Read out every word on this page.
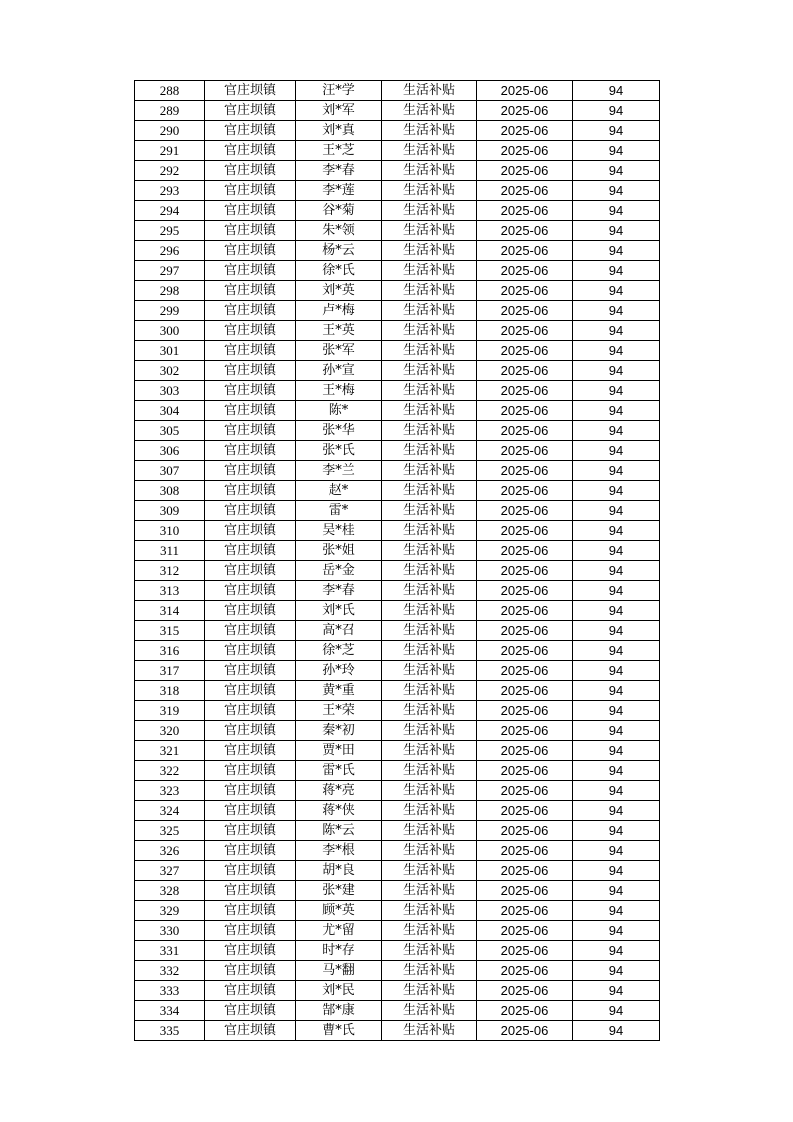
288	官庄坝镇	汪*学	生活补贴	2025-06	94
289	官庄坝镇	刘*军	生活补贴	2025-06	94
290	官庄坝镇	刘*真	生活补贴	2025-06	94
291	官庄坝镇	王*芝	生活补贴	2025-06	94
292	官庄坝镇	李*春	生活补贴	2025-06	94
293	官庄坝镇	李*莲	生活补贴	2025-06	94
294	官庄坝镇	谷*菊	生活补贴	2025-06	94
295	官庄坝镇	朱*领	生活补贴	2025-06	94
296	官庄坝镇	杨*云	生活补贴	2025-06	94
297	官庄坝镇	徐*氏	生活补贴	2025-06	94
298	官庄坝镇	刘*英	生活补贴	2025-06	94
299	官庄坝镇	卢*梅	生活补贴	2025-06	94
300	官庄坝镇	王*英	生活补贴	2025-06	94
301	官庄坝镇	张*军	生活补贴	2025-06	94
302	官庄坝镇	孙*宣	生活补贴	2025-06	94
303	官庄坝镇	王*梅	生活补贴	2025-06	94
304	官庄坝镇	陈*	生活补贴	2025-06	94
305	官庄坝镇	张*华	生活补贴	2025-06	94
306	官庄坝镇	张*氏	生活补贴	2025-06	94
307	官庄坝镇	李*兰	生活补贴	2025-06	94
308	官庄坝镇	赵*	生活补贴	2025-06	94
309	官庄坝镇	雷*	生活补贴	2025-06	94
310	官庄坝镇	吴*桂	生活补贴	2025-06	94
311	官庄坝镇	张*姐	生活补贴	2025-06	94
312	官庄坝镇	岳*金	生活补贴	2025-06	94
313	官庄坝镇	李*春	生活补贴	2025-06	94
314	官庄坝镇	刘*氏	生活补贴	2025-06	94
315	官庄坝镇	高*召	生活补贴	2025-06	94
316	官庄坝镇	徐*芝	生活补贴	2025-06	94
317	官庄坝镇	孙*玲	生活补贴	2025-06	94
318	官庄坝镇	黄*重	生活补贴	2025-06	94
319	官庄坝镇	王*荣	生活补贴	2025-06	94
320	官庄坝镇	秦*初	生活补贴	2025-06	94
321	官庄坝镇	贾*田	生活补贴	2025-06	94
322	官庄坝镇	雷*氏	生活补贴	2025-06	94
323	官庄坝镇	蒋*亮	生活补贴	2025-06	94
324	官庄坝镇	蒋*侠	生活补贴	2025-06	94
325	官庄坝镇	陈*云	生活补贴	2025-06	94
326	官庄坝镇	李*根	生活补贴	2025-06	94
327	官庄坝镇	胡*良	生活补贴	2025-06	94
328	官庄坝镇	张*建	生活补贴	2025-06	94
329	官庄坝镇	顾*英	生活补贴	2025-06	94
330	官庄坝镇	尤*留	生活补贴	2025-06	94
331	官庄坝镇	时*存	生活补贴	2025-06	94
332	官庄坝镇	马*翻	生活补贴	2025-06	94
333	官庄坝镇	刘*民	生活补贴	2025-06	94
334	官庄坝镇	郜*康	生活补贴	2025-06	94
335	官庄坝镇	曹*氏	生活补贴	2025-06	94
